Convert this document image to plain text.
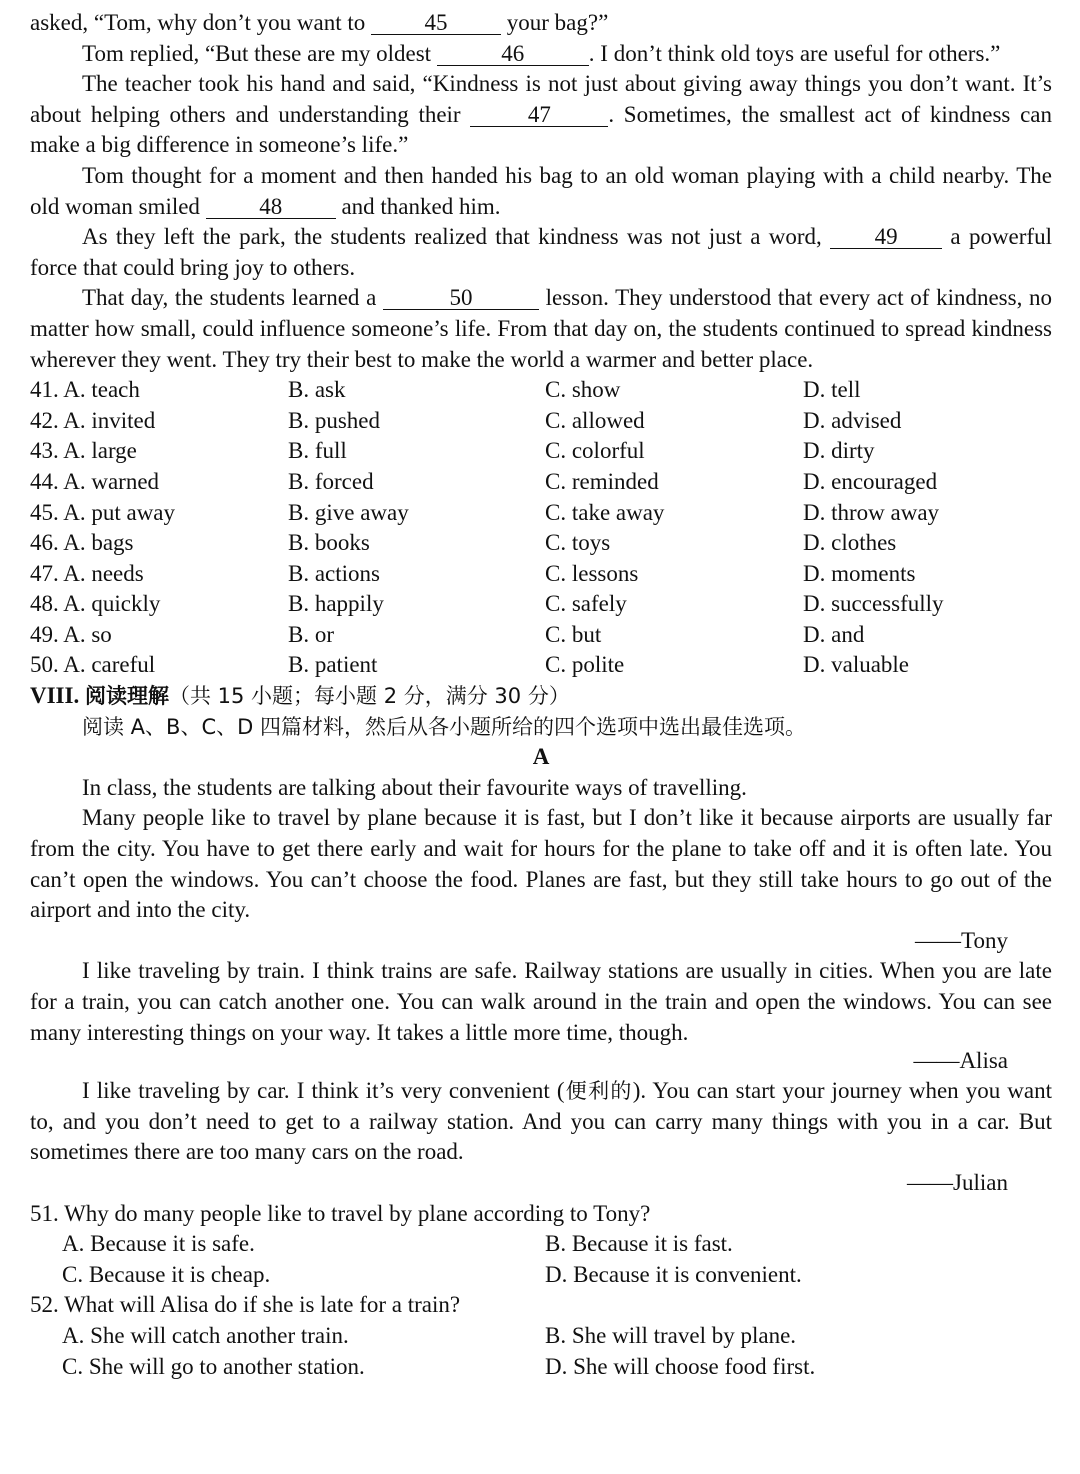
asked, “Tom, why don’t you want to 45 your bag?”

Tom replied, “But these are my oldest	46	. I don’t think old toys are useful for others.”

The teacher took his hand and said, “Kindness is not just about giving away things you don’t want. It’s about helping others and understanding their	47	. Sometimes, the smallest act of kindness can make a big difference in someone’s life.”

Tom thought for a moment and then handed his bag to an old woman playing with a child nearby. The old woman smiled 48 and thanked him.

As they left the park, the students realized that kindness was not just a word, 49 a powerful force that could bring joy to others.

That day, the students learned a	50	lesson. They understood that every act of kindness, no matter how small, could influence someone’s life. From that day on, the students continued to spread kindness wherever they went. They try their best to make the world a warmer and better place.

41. A. teach	B. ask	C. show	D. tell
42. A. invited	B. pushed	C. allowed	D. advised
43. A. large	B. full	C. colorful	D. dirty
44. A. warned	B. forced	C. reminded	D. encouraged
45. A. put away	B. give away	C. take away	D. throw away
46. A. bags	B. books	C. toys	D. clothes
47. A. needs	B. actions	C. lessons	D. moments
48. A. quickly	B. happily	C. safely	D. successfully
49. A. so	B. or	C. but	D. and
50. A. careful	B. patient	C. polite	D. valuable
VIII. 阅读理解（共 15 小题；每小题 2 分，满分 30 分）
阅读 A、B、C、D 四篇材料，然后从各小题所给的四个选项中选出最佳选项。
A

In class, the students are talking about their favourite ways of travelling.

Many people like to travel by plane because it is fast, but I don’t like it because airports are usually far from the city. You have to get there early and wait for hours for the plane to take off and it is often late. You can’t open the windows. You can’t choose the food. Planes are fast, but they still take hours to go out of the airport and into the city.

——Tony

I like traveling by train. I think trains are safe. Railway stations are usually in cities. When you are late for a train, you can catch another one. You can walk around in the train and open the windows. You can see many interesting things on your way. It takes a little more time, though.

——Alisa

I like traveling by car. I think it’s very convenient (便利的). You can start your journey when you want to, and you don’t need to get to a railway station. And you can carry many things with you in a car. But sometimes there are too many cars on the road.

——Julian
51. Why do many people like to travel by plane according to Tony?
A. Because it is safe.	B. Because it is fast.
C. Because it is cheap.	D. Because it is convenient.
52. What will Alisa do if she is late for a train?
A. She will catch another train.	B. She will travel by plane.
C. She will go to another station.	D. She will choose food first.
